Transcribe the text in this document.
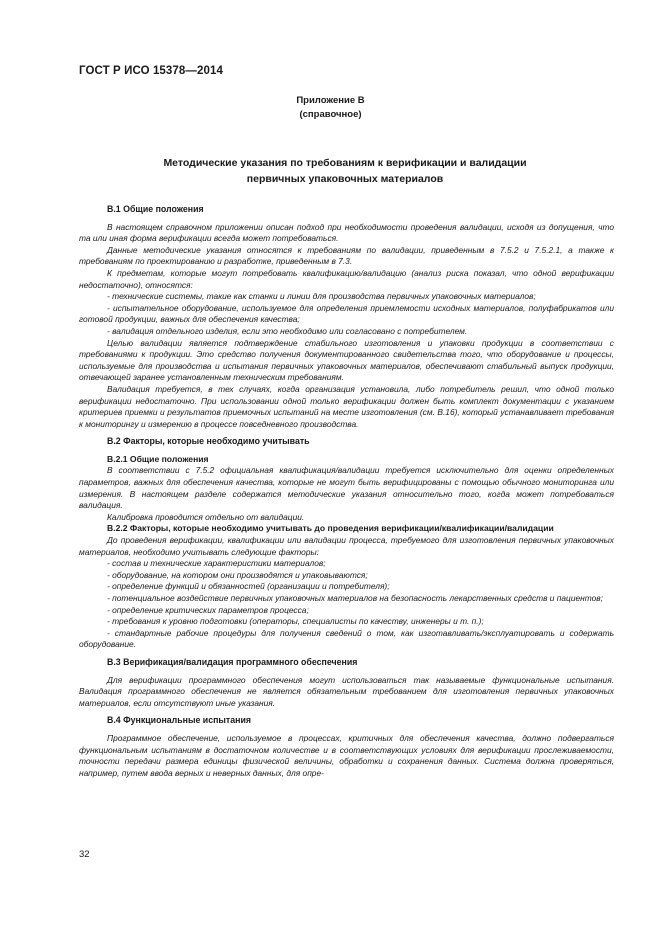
ГОСТ Р ИСО 15378—2014
Приложение В
(справочное)
Методические указания по требованиям к верификации и валидации
первичных упаковочных материалов

В.1 Общие положения

В настоящем справочном приложении описан подход при необходимости проведения валидации, исходя из допущения, что та или иная форма верификации всегда может потребоваться.

Данные методические указания относятся к требованиям по валидации, приведенным в 7.5.2 и 7.5.2.1, а также к требованиям по проектированию и разработке, приведенным в 7.3.

К предметам, которые могут потребовать квалификацию/валидацию (анализ риска показал, что одной верификации недостаточно), относятся:

- технические системы, такие как станки и линии для производства первичных упаковочных материалов;

- испытательное оборудование, используемое для определения приемлемости исходных материалов, полуфабрикатов или готовой продукции, важных для обеспечения качества;

- валидация отдельного изделия, если это необходимо или согласовано с потребителем.

Целью валидации является подтверждение стабильного изготовления и упаковки продукции в соответствии с требованиями к продукции. Это средство получения документированного свидетельства того, что оборудование и процессы, используемые для производства и испытания первичных упаковочных материалов, обеспечивают стабильный выпуск продукции, отвечающей заранее установленным техническим требованиям.

Валидация требуется, в тех случаях, когда организация установила, либо потребитель решил, что одной только верификации недостаточно. При использовании одной только верификации должен быть комплект документации с указанием критериев приемки и результатов приемочных испытаний на месте изготовления (см. В.16), который устанавливает требования к мониторингу и измерению в процессе повседневного производства.

В.2 Факторы, которые необходимо учитывать

В.2.1 Общие положения

В соответствии с 7.5.2 официальная квалификация/валидации требуется исключительно для оценки определенных параметров, важных для обеспечения качества, которые не могут быть верифицированы с помощью обычного мониторинга или измерения. В настоящем разделе содержатся методические указания относительно того, когда может потребоваться валидация.

Калибровка проводится отдельно от валидации.

В.2.2 Факторы, которые необходимо учитывать до проведения верификации/квалификации/валидации

До проведения верификации, квалификации или валидации процесса, требуемого для изготовления первичных упаковочных материалов, необходимо учитывать следующие факторы:

- состав и технические характеристики материалов;

- оборудование, на котором они производятся и упаковываются;

- определение функций и обязанностей (организации и потребителя);

- потенциальное воздействие первичных упаковочных материалов на безопасность лекарственных средств и пациентов;

- определение критических параметров процесса;

- требования к уровню подготовки (операторы, специалисты по качеству, инженеры и т. п.);

- стандартные рабочие процедуры для получения сведений о том, как изготавливать/эксплуатировать и содержать оборудование.

В.3 Верификация/валидация программного обеспечения

Для верификации программного обеспечения могут использоваться так называемые функциональные испытания. Валидация программного обеспечения не является обязательным требованием для изготовления первичных упаковочных материалов, если отсутствуют иные указания.

В.4 Функциональные испытания

Программное обеспечение, используемое в процессах, критичных для обеспечения качества, должно подвергаться функциональным испытаниям в достаточном количестве и в соответствующих условиях для верификации прослеживаемости, точности передачи размера единицы физической величины, обработки и сохранения данных. Система должна проверяться, например, путем ввода верных и неверных данных, для опре-

32
